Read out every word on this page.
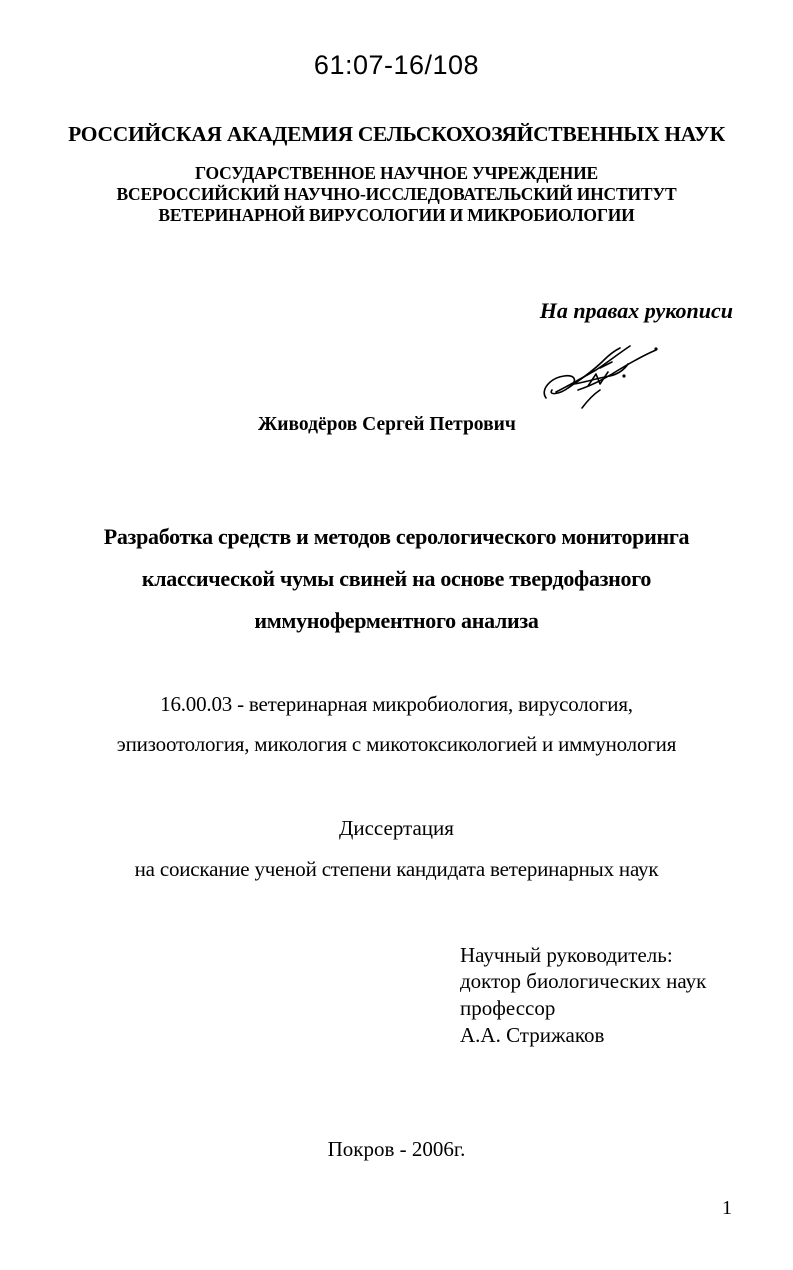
61:07-16/108
РОССИЙСКАЯ АКАДЕМИЯ СЕЛЬСКОХОЗЯЙСТВЕННЫХ НАУК
ГОСУДАРСТВЕННОЕ НАУЧНОЕ УЧРЕЖДЕНИЕ
ВСЕРОССИЙСКИЙ НАУЧНО-ИССЛЕДОВАТЕЛЬСКИЙ ИНСТИТУТ
ВЕТЕРИНАРНОЙ ВИРУСОЛОГИИ И МИКРОБИОЛОГИИ
На правах рукописи
Живодёров Сергей Петрович
Разработка средств и методов серологического мониторинга
классической чумы свиней на основе твердофазного
иммуноферментного анализа
16.00.03 - ветеринарная микробиология, вирусология,
эпизоотология, микология с микотоксикологией и иммунология
Диссертация
на соискание ученой степени кандидата ветеринарных наук
Научный руководитель:
доктор биологических наук
профессор
А.А. Стрижаков
Покров - 2006г.
1
